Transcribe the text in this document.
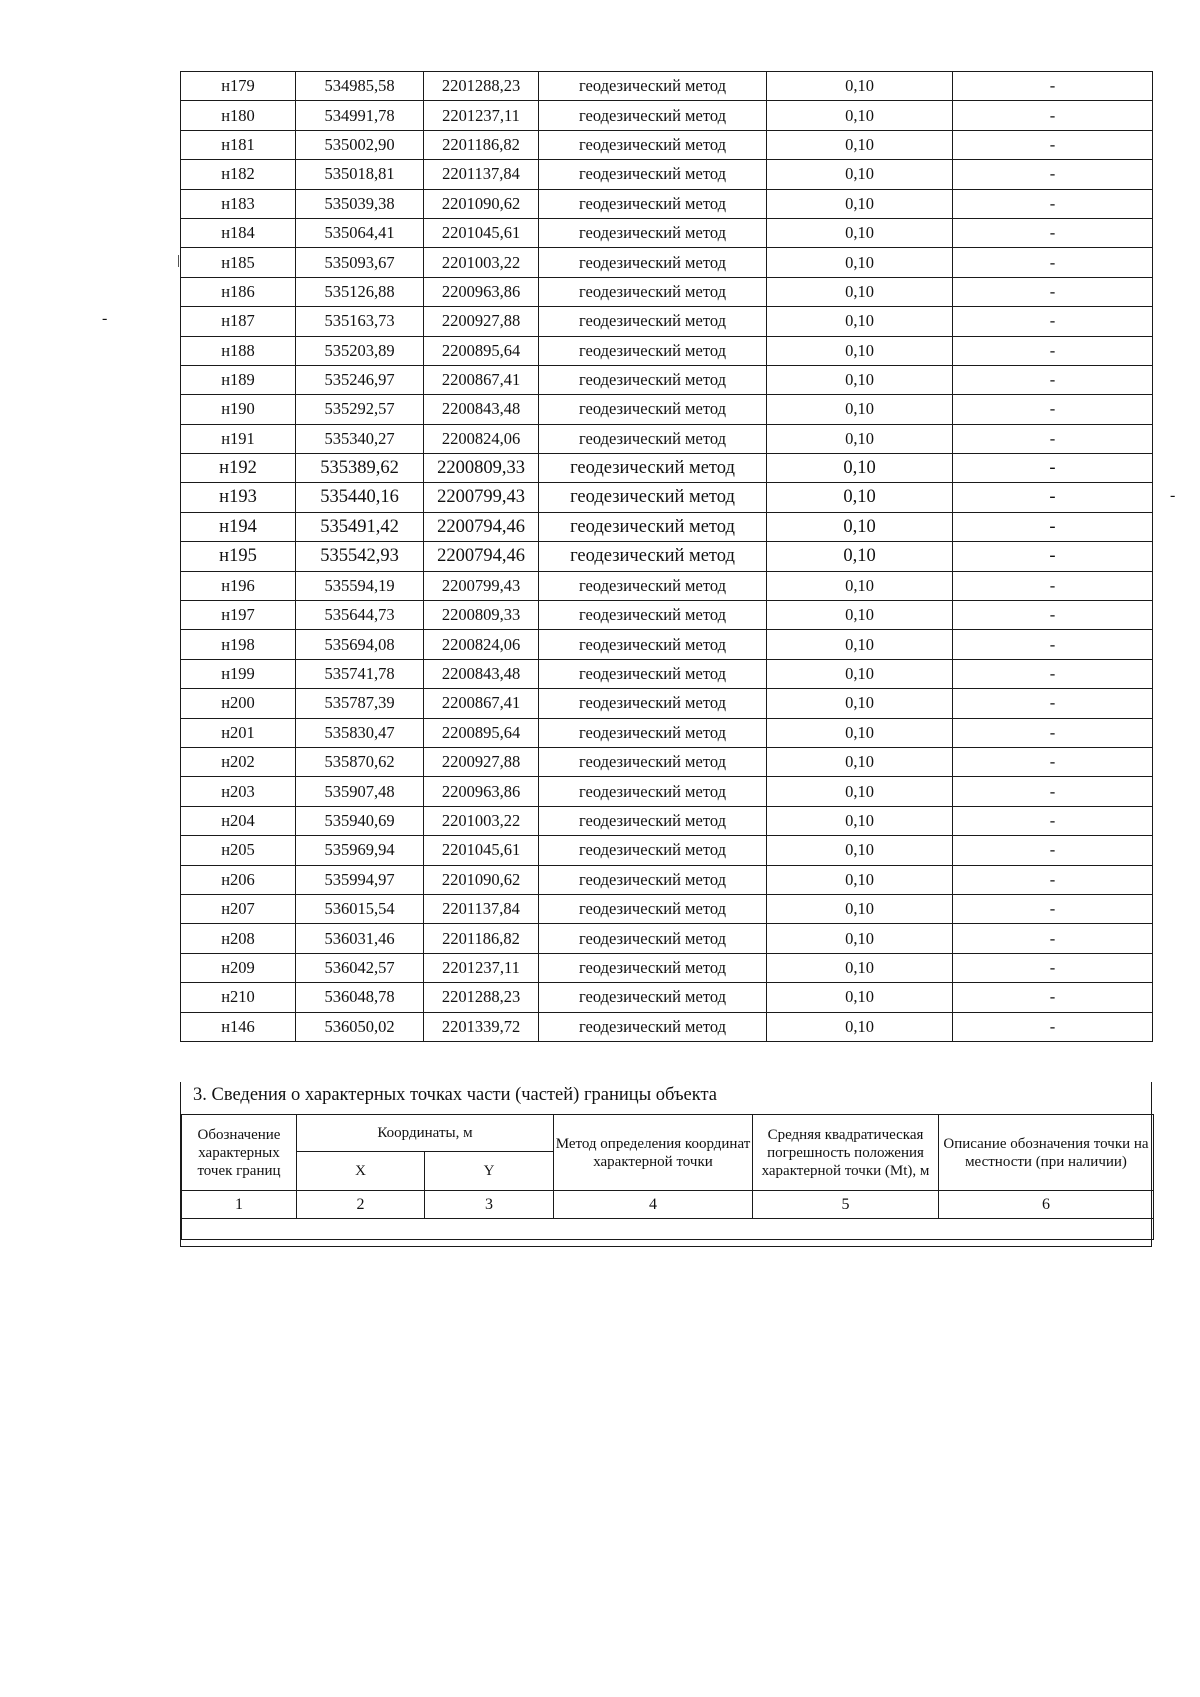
-
-
н179	534985,58	2201288,23	геодезический метод	0,10	-
н180	534991,78	2201237,11	геодезический метод	0,10	-
н181	535002,90	2201186,82	геодезический метод	0,10	-
н182	535018,81	2201137,84	геодезический метод	0,10	-
н183	535039,38	2201090,62	геодезический метод	0,10	-
н184	535064,41	2201045,61	геодезический метод	0,10	-
н185	535093,67	2201003,22	геодезический метод	0,10	-
н186	535126,88	2200963,86	геодезический метод	0,10	-
н187	535163,73	2200927,88	геодезический метод	0,10	-
н188	535203,89	2200895,64	геодезический метод	0,10	-
н189	535246,97	2200867,41	геодезический метод	0,10	-
н190	535292,57	2200843,48	геодезический метод	0,10	-
н191	535340,27	2200824,06	геодезический метод	0,10	-
н192	535389,62	2200809,33	геодезический метод	0,10	-
н193	535440,16	2200799,43	геодезический метод	0,10	-
н194	535491,42	2200794,46	геодезический метод	0,10	-
н195	535542,93	2200794,46	геодезический метод	0,10	-
н196	535594,19	2200799,43	геодезический метод	0,10	-
н197	535644,73	2200809,33	геодезический метод	0,10	-
н198	535694,08	2200824,06	геодезический метод	0,10	-
н199	535741,78	2200843,48	геодезический метод	0,10	-
н200	535787,39	2200867,41	геодезический метод	0,10	-
н201	535830,47	2200895,64	геодезический метод	0,10	-
н202	535870,62	2200927,88	геодезический метод	0,10	-
н203	535907,48	2200963,86	геодезический метод	0,10	-
н204	535940,69	2201003,22	геодезический метод	0,10	-
н205	535969,94	2201045,61	геодезический метод	0,10	-
н206	535994,97	2201090,62	геодезический метод	0,10	-
н207	536015,54	2201137,84	геодезический метод	0,10	-
н208	536031,46	2201186,82	геодезический метод	0,10	-
н209	536042,57	2201237,11	геодезический метод	0,10	-
н210	536048,78	2201288,23	геодезический метод	0,10	-
н146	536050,02	2201339,72	геодезический метод	0,10	-
3. Сведения о характерных точках части (частей) границы объекта
Обозначение характерных точек границ	Координаты, м		Метод определения координат характерной точки	Средняя квадратическая погрешность положения характерной точки (Mt), м	Описание обозначения точки на местности (при наличии)
	X	Y			
1	2	3	4	5	6
